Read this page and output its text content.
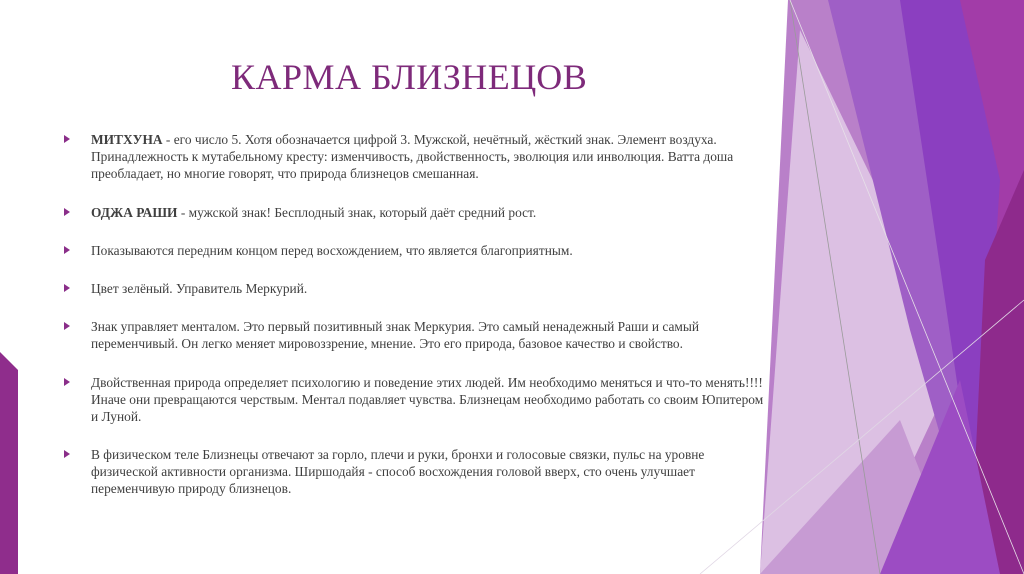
КАРМА БЛИЗНЕЦОВ
МИТХУНА - его число 5. Хотя обозначается цифрой 3. Мужской, нечётный, жёсткий знак. Элемент воздуха. Принадлежность к мутабельному кресту: изменчивость, двойственность, эволюция или инволюция. Ватта доша преобладает, но многие говорят, что природа близнецов смешанная.
ОДЖА РАШИ - мужской знак! Бесплодный знак, который даёт средний рост.
Показываются передним концом перед восхождением, что является благоприятным.
Цвет зелёный. Управитель Меркурий.
Знак управляет менталом. Это первый позитивный знак Меркурия. Это самый ненадежный Раши и самый переменчивый. Он легко меняет мировоззрение, мнение. Это его природа, базовое качество и свойство.
Двойственная природа определяет психологию и поведение этих людей. Им необходимо меняться и что-то менять!!!! Иначе они превращаются черствым. Ментал подавляет чувства. Близнецам необходимо работать со своим Юпитером и Луной.
В физическом теле Близнецы отвечают за горло, плечи и руки, бронхи и голосовые связки, пульс на уровне физической активности организма. Ширшодайя - способ восхождения головой вверх, сто очень улучшает переменчивую природу близнецов.
